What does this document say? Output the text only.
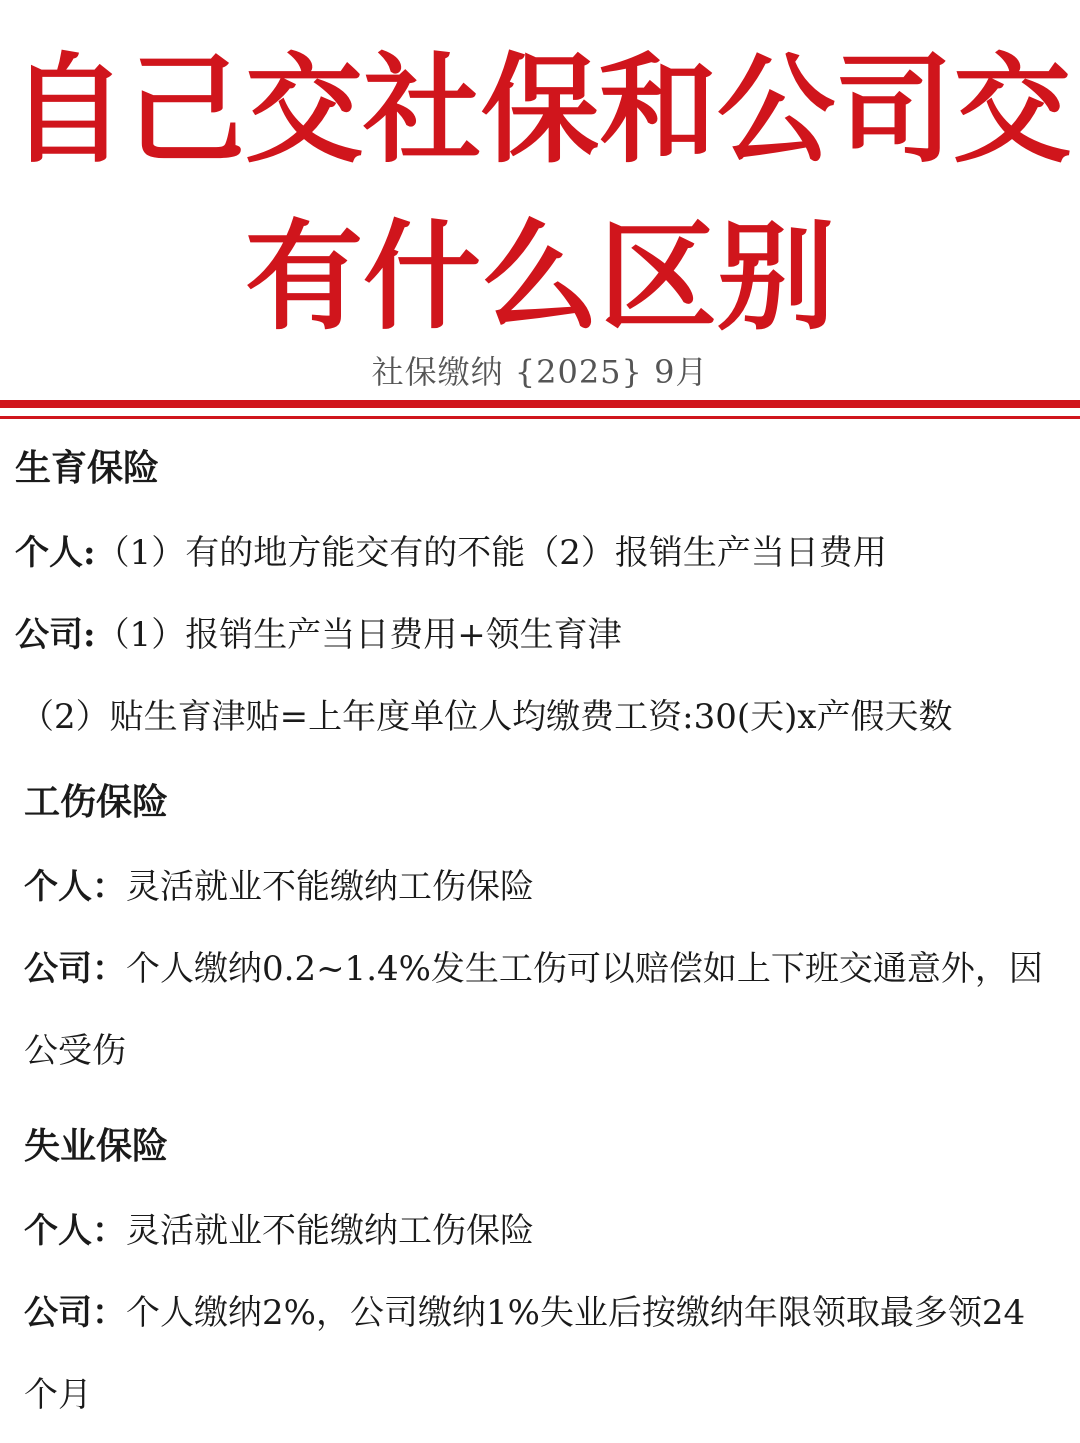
自己交社保和公司交
有什么区别
社保缴纳 {2025} 9月
生育保险
个人:（1）有的地方能交有的不能（2）报销生产当日费用
公司:（1）报销生产当日费用+领生育津
（2）贴生育津贴=上年度单位人均缴费工资:30(天)x产假天数
工伤保险
个人：灵活就业不能缴纳工伤保险
公司：个人缴纳0.2~1.4%发生工伤可以赔偿如上下班交通意外，因
公受伤
失业保险
个人：灵活就业不能缴纳工伤保险
公司：个人缴纳2%，公司缴纳1%失业后按缴纳年限领取最多领24
个月
